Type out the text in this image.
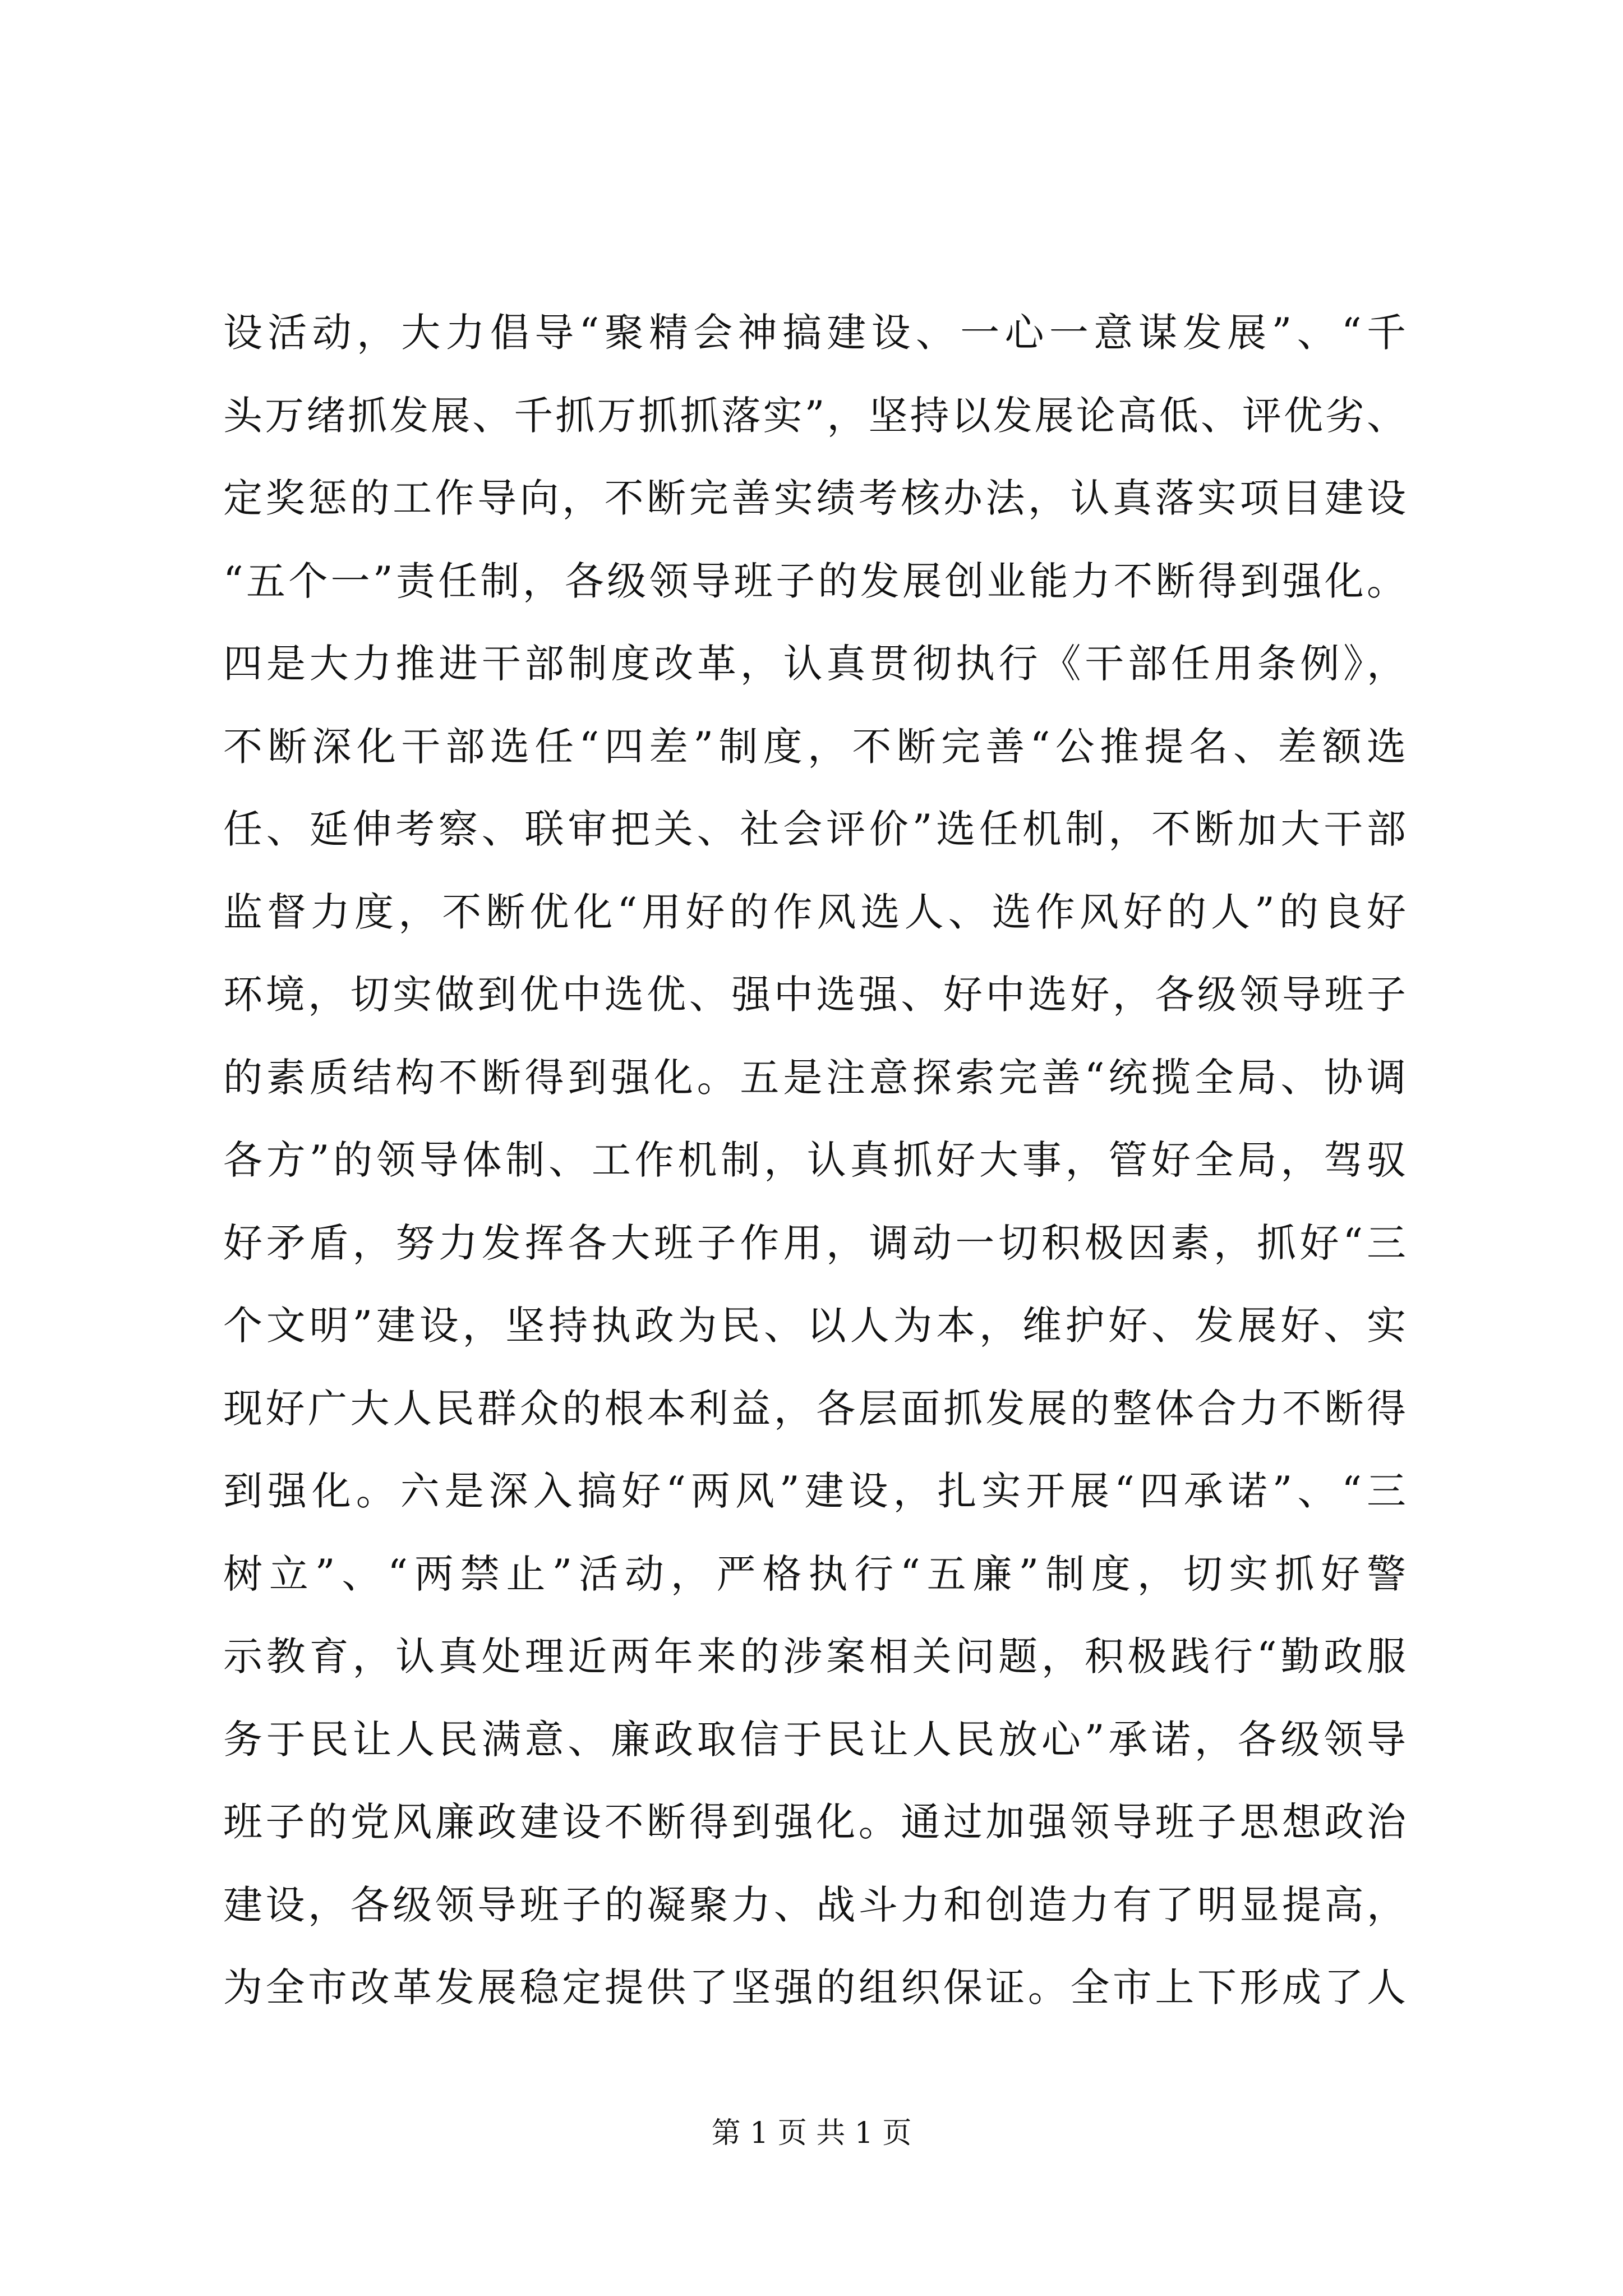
设活动，大力倡导“聚精会神搞建设、一心一意谋发展”、“千
头万绪抓发展、千抓万抓抓落实”，坚持以发展论高低、评优劣、
定奖惩的工作导向，不断完善实绩考核办法，认真落实项目建设
“五个一”责任制，各级领导班子的发展创业能力不断得到强化。
四是大力推进干部制度改革，认真贯彻执行《干部任用条例》，
不断深化干部选任“四差”制度，不断完善“公推提名、差额选
任、延伸考察、联审把关、社会评价”选任机制，不断加大干部
监督力度，不断优化“用好的作风选人、选作风好的人”的良好
环境，切实做到优中选优、强中选强、好中选好，各级领导班子
的素质结构不断得到强化。五是注意探索完善“统揽全局、协调
各方”的领导体制、工作机制，认真抓好大事，管好全局，驾驭
好矛盾，努力发挥各大班子作用，调动一切积极因素，抓好“三
个文明”建设，坚持执政为民、以人为本，维护好、发展好、实
现好广大人民群众的根本利益，各层面抓发展的整体合力不断得
到强化。六是深入搞好“两风”建设，扎实开展“四承诺”、“三
树立”、“两禁止”活动，严格执行“五廉”制度，切实抓好警
示教育，认真处理近两年来的涉案相关问题，积极践行“勤政服
务于民让人民满意、廉政取信于民让人民放心”承诺，各级领导
班子的党风廉政建设不断得到强化。通过加强领导班子思想政治
建设，各级领导班子的凝聚力、战斗力和创造力有了明显提高，
为全市改革发展稳定提供了坚强的组织保证。全市上下形成了人
第 1 页 共 1 页
